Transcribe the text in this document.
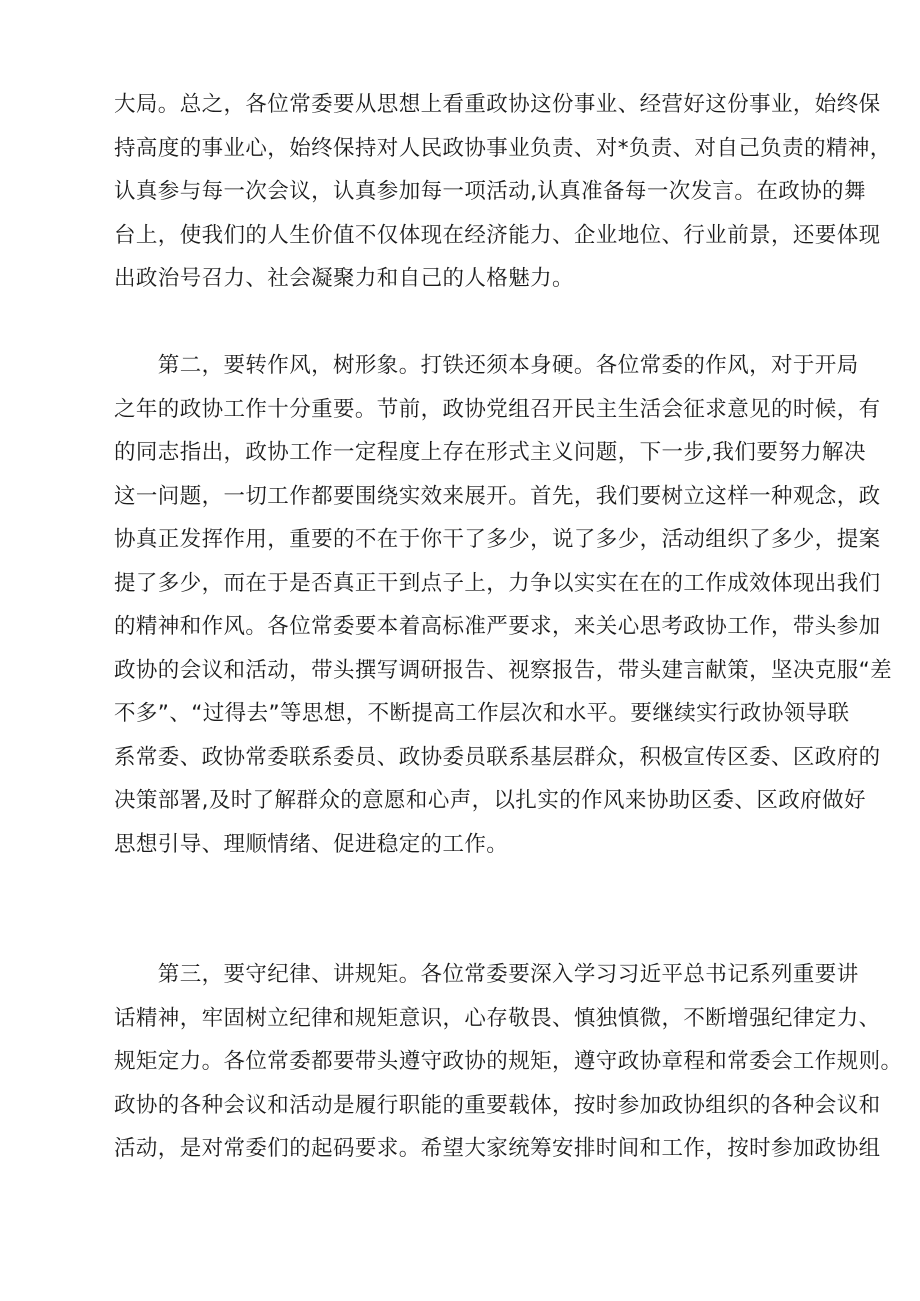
大局。总之，各位常委要从思想上看重政协这份事业、经营好这份事业，始终保
持高度的事业心，始终保持对人民政协事业负责、对*负责、对自己负责的精神，
认真参与每一次会议，认真参加每一项活动,认真准备每一次发言。在政协的舞
台上，使我们的人生价值不仅体现在经济能力、企业地位、行业前景，还要体现
出政治号召力、社会凝聚力和自己的人格魅力。
　　第二，要转作风，树形象。打铁还须本身硬。各位常委的作风，对于开局
之年的政协工作十分重要。节前，政协党组召开民主生活会征求意见的时候，有
的同志指出，政协工作一定程度上存在形式主义问题，下一步,我们要努力解决
这一问题，一切工作都要围绕实效来展开。首先，我们要树立这样一种观念，政
协真正发挥作用，重要的不在于你干了多少，说了多少，活动组织了多少，提案
提了多少，而在于是否真正干到点子上，力争以实实在在的工作成效体现出我们
的精神和作风。各位常委要本着高标准严要求，来关心思考政协工作，带头参加
政协的会议和活动，带头撰写调研报告、视察报告，带头建言献策，坚决克服“差
不多”、“过得去”等思想，不断提高工作层次和水平。要继续实行政协领导联
系常委、政协常委联系委员、政协委员联系基层群众，积极宣传区委、区政府的
决策部署,及时了解群众的意愿和心声，以扎实的作风来协助区委、区政府做好
思想引导、理顺情绪、促进稳定的工作。
　　第三，要守纪律、讲规矩。各位常委要深入学习习近平总书记系列重要讲
话精神，牢固树立纪律和规矩意识，心存敬畏、慎独慎微，不断增强纪律定力、
规矩定力。各位常委都要带头遵守政协的规矩，遵守政协章程和常委会工作规则。
政协的各种会议和活动是履行职能的重要载体，按时参加政协组织的各种会议和
活动，是对常委们的起码要求。希望大家统筹安排时间和工作，按时参加政协组
